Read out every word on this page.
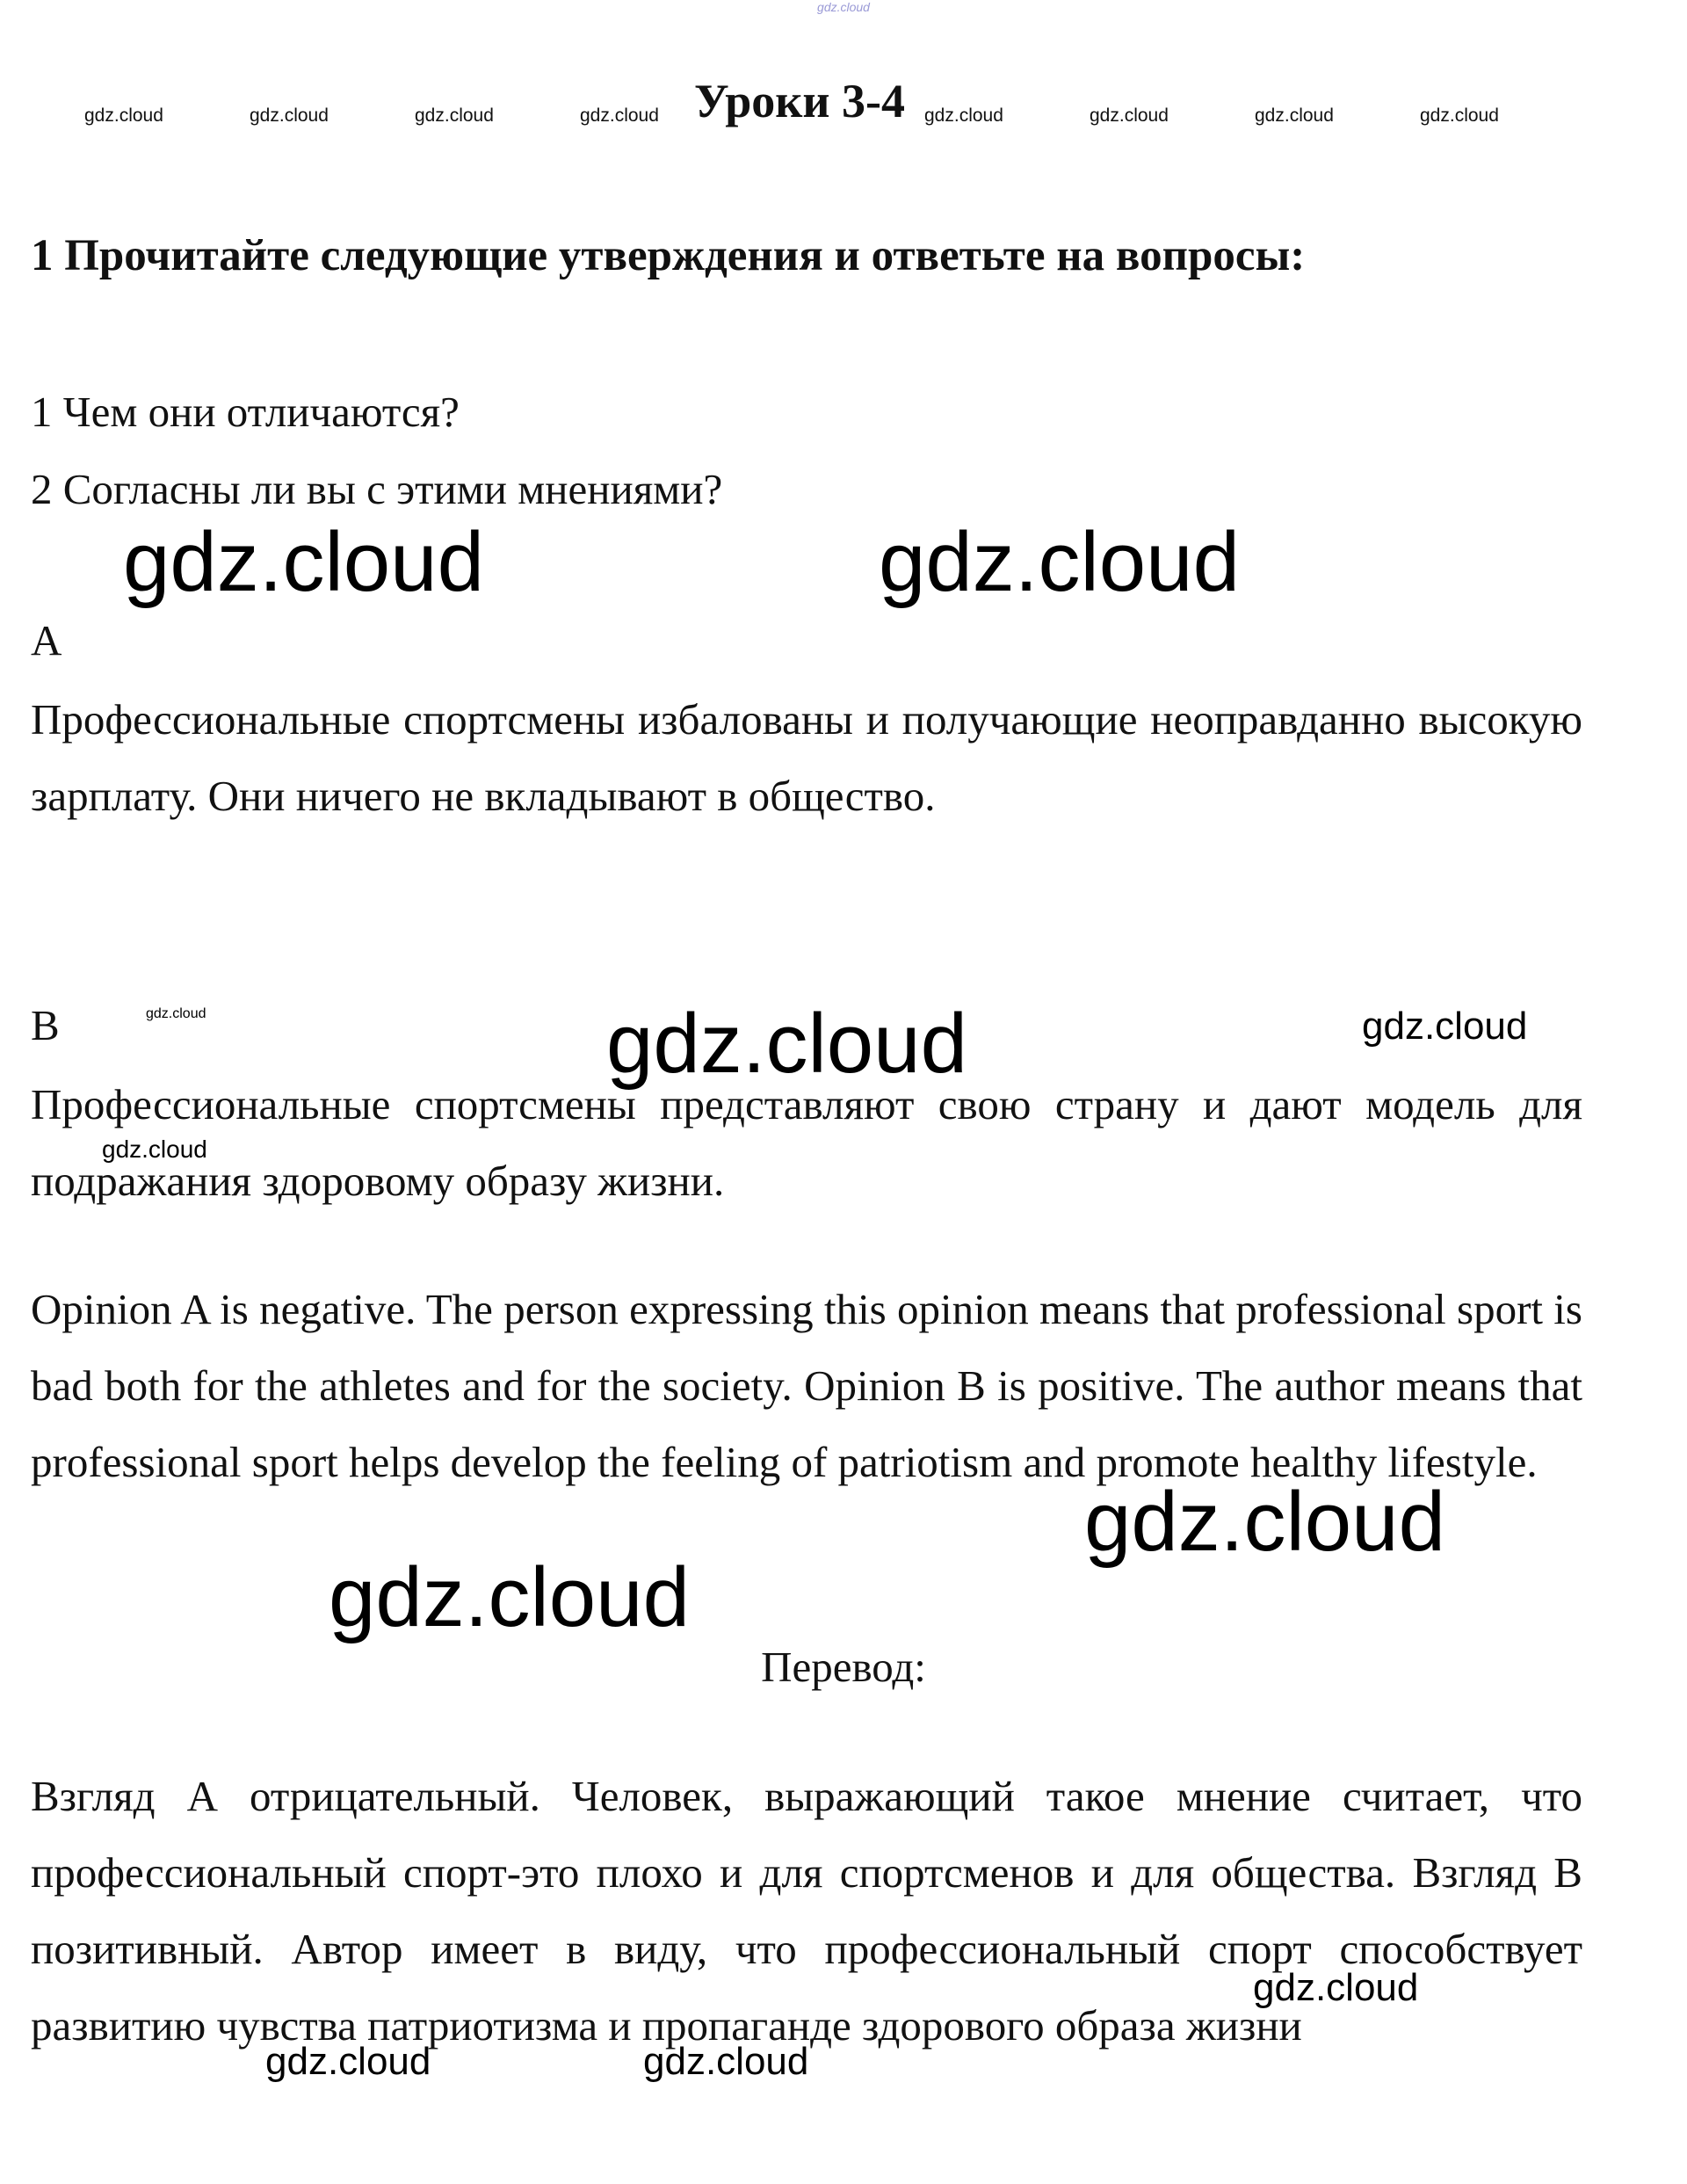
gdz.cloud
gdz.cloud	gdz.cloud	gdz.cloud	gdz.cloud	gdz.cloud	gdz.cloud	gdz.cloud	gdz.cloud
Уроки 3-4
1 Прочитайте следующие утверждения и ответьте на вопросы:
1 Чем они отличаются?
2 Согласны ли вы с этими мнениями?
А

Профессиональные спортсмены избалованы и получающие неоправданно высокую зарплату. Они ничего не вкладывают в общество.

В

Профессиональные спортсмены представляют свою страну и дают модель для подражания здоровому образу жизни.

Opinion A is negative. The person expressing this opinion means that professional sport is bad both for the athletes and for the society. Opinion B is positive. The author means that professional sport helps develop the feeling of patriotism and promote healthy lifestyle.

Перевод:

Взгляд А отрицательный. Человек, выражающий такое мнение считает, что профессиональный спорт-это плохо и для спортсменов и для общества. Взгляд В позитивный. Автор имеет в виду, что профессиональный спорт способствует развитию чувства патриотизма и пропаганде здорового образа жизни

gdz.cloud	gdz.cloud
gdz.cloud	gdz.cloud	gdz.cloud
gdz.cloud
gdz.cloud
gdz.cloud
gdz.cloud
gdz.cloud	gdz.cloud
